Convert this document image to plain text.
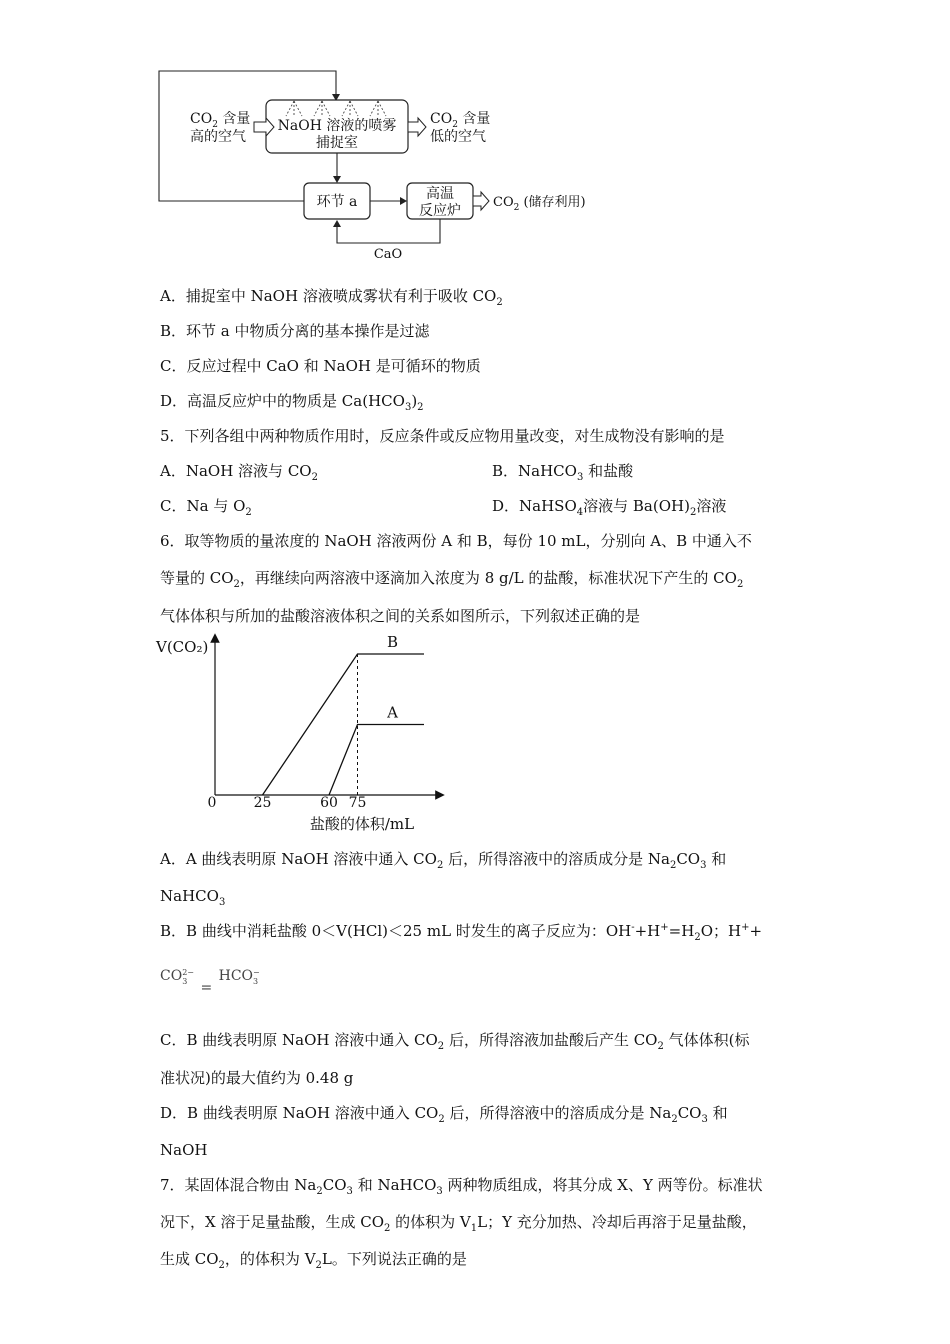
NaOH 溶液的喷雾
捕捉室
$CO_2$ 含量
高的空气
$CO_2$ 含量
低的空气
环节 a	高温
反应炉
$CO_2$ (储存利用)
CaO
A．捕捉室中 NaOH 溶液喷成雾状有利于吸收 $CO_2$
B．环节 a 中物质分离的基本操作是过滤
C．反应过程中 CaO 和 NaOH 是可循环的物质
D．高温反应炉中的物质是 $Ca(HCO_3)_2$
5．下列各组中两种物质作用时，反应条件或反应物用量改变，对生成物没有影响的是
A．NaOH 溶液与 $CO_2$	B．NaHCO$_3$ 和盐酸
C．Na 与 $O_2$	D．NaHSO$_4$溶液与 $Ba(OH)_2$溶液
6．取等物质的量浓度的 NaOH 溶液两份 A 和 B，每份 10 mL，分别向 A、B 中通入不
等量的 $CO_2$，再继续向两溶液中逐滴加入浓度为 8 g/L 的盐酸，标准状况下产生的 $CO_2$
气体体积与所加的盐酸溶液体积之间的关系如图所示，下列叙述正确的是
V(CO₂)
盐酸的体积/mL
0	25	60 75
B
A
A．A 曲线表明原 NaOH 溶液中通入 $CO_2$ 后，所得溶液中的溶质成分是 $Na_2CO_3$ 和
NaHCO$_3$
B．B 曲线中消耗盐酸 0＜V(HCl)＜25 mL 时发生的离子反应为：$OH^-+H^+=H_2O$；H++
CO 2−
3 = HCO −
3
C．B 曲线表明原 NaOH 溶液中通入 $CO_2$ 后，所得溶液加盐酸后产生 $CO_2$ 气体体积(标
准状况)的最大值约为 0.48 g
D．B 曲线表明原 NaOH 溶液中通入 $CO_2$ 后，所得溶液中的溶质成分是 $Na_2CO_3$ 和
NaOH
7．某固体混合物由 $Na_2CO_3$ 和 NaHCO$_3$ 两种物质组成，将其分成 X、Y 两等份。标准状
况下，X 溶于足量盐酸，生成 $CO_2$ 的体积为 $V_1L$；Y 充分加热、冷却后再溶于足量盐酸，
生成 $CO_2$，的体积为 $V_2L$。下列说法正确的是
